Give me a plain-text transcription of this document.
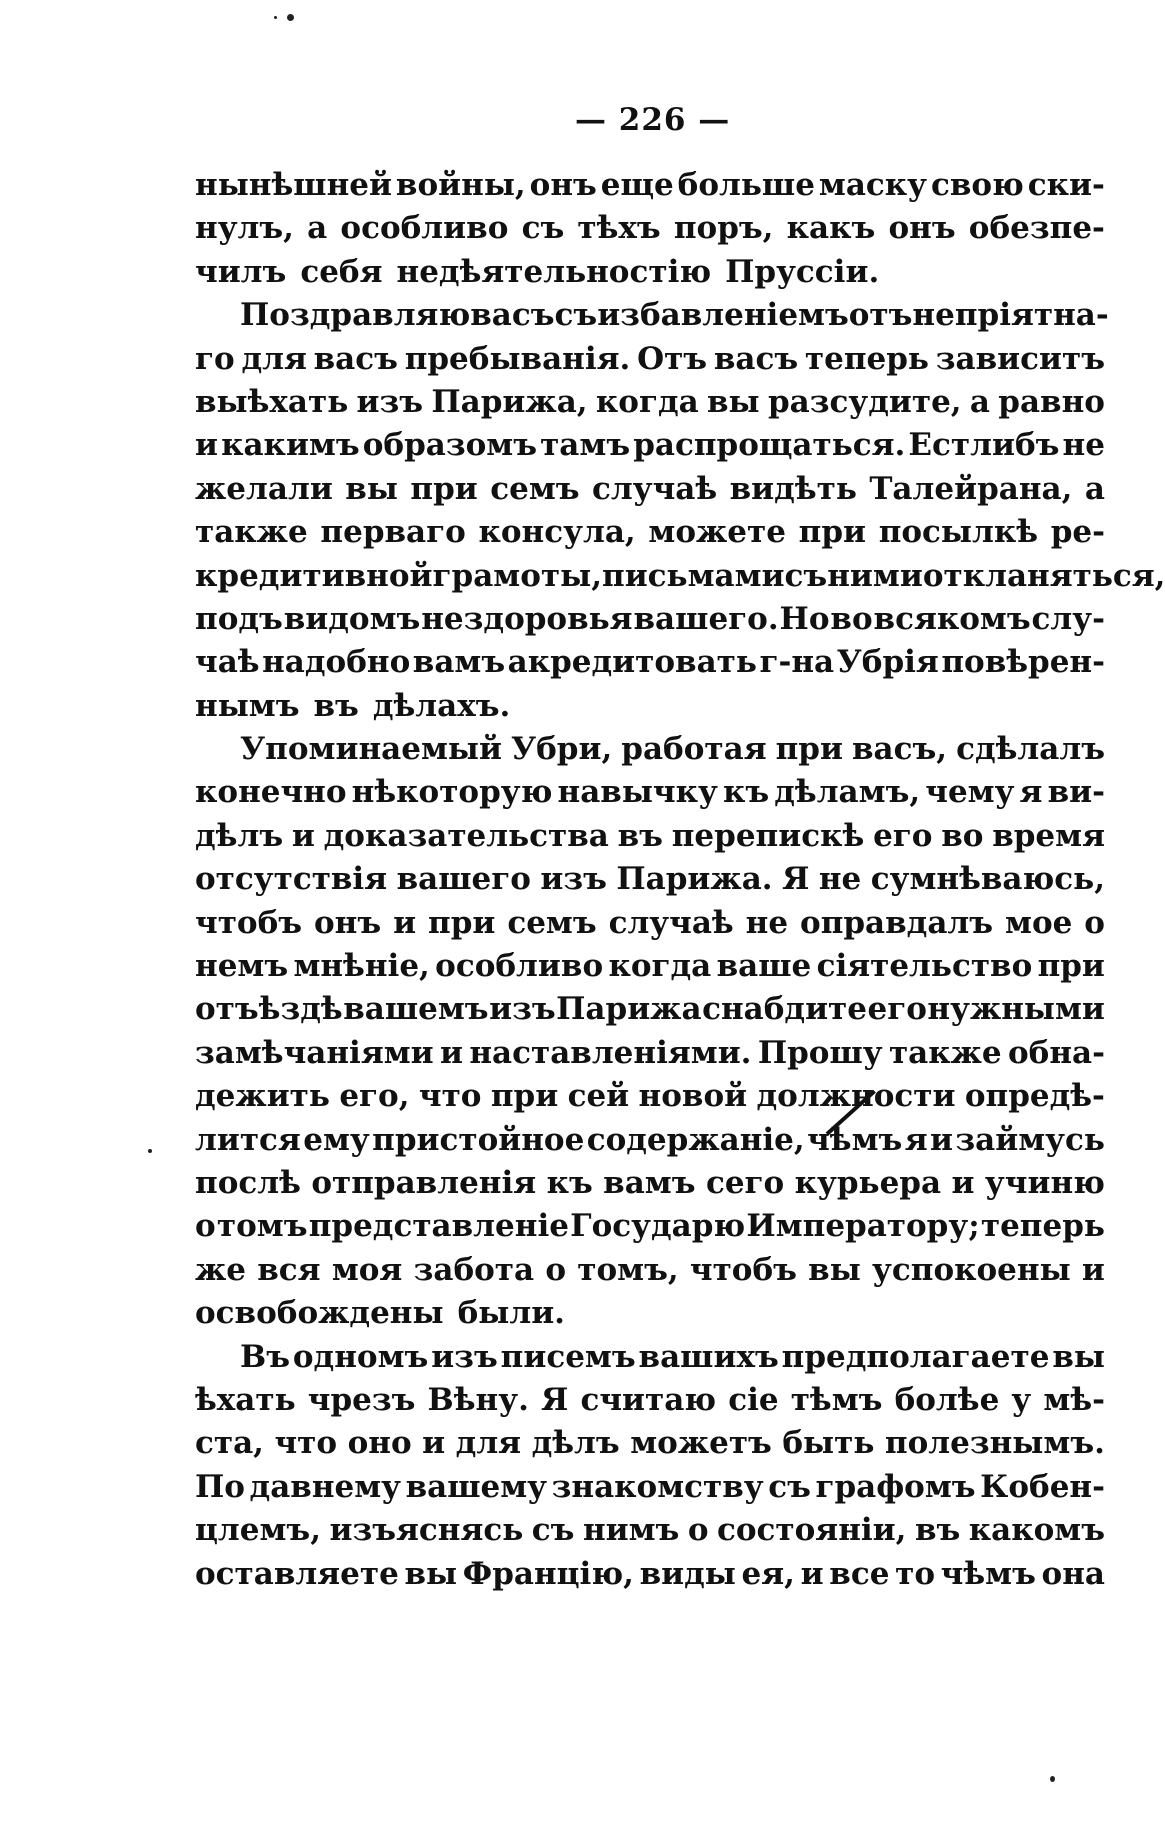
— 226 —
нынѣшней войны, онъ еще больше маску свою ски-
нулъ, а особливо съ тѣхъ поръ, какъ онъ обезпе-
чилъ себя недѣятельностію Пруссіи.
Поздравляю васъ съ избавленіемъ отъ непріятна-
го для васъ пребыванія. Отъ васъ теперь зависитъ
выѣхать изъ Парижа, когда вы разсудите, а равно
и какимъ образомъ тамъ распрощаться. Естлибъ не
желали вы при семъ случаѣ видѣть Талейрана, а
также перваго консула, можете при посылкѣ ре-
кредитивной грамоты, письмами съ ними откланяться,
подъ видомъ нездоровья вашего. Но во всякомъ слу-
чаѣ надобно вамъ акредитовать г-на Убрія повѣрен-
нымъ въ дѣлахъ.
Упоминаемый Убри, работая при васъ, сдѣлалъ
конечно нѣкоторую навычку къ дѣламъ, чему я ви-
дѣлъ и доказательства въ перепискѣ его во время
отсутствія вашего изъ Парижа. Я не сумнѣваюсь,
чтобъ онъ и при семъ случаѣ не оправдалъ мое о
немъ мнѣніе, особливо когда ваше сіятельство при
отъѣздѣ вашемъ изъ Парижа снабдите его нужными
замѣчаніями и наставленіями. Прошу также обна-
дежить его, что при сей новой должности опредѣ-
лится ему пристойное содержаніе, чѣмъ я и займусь
послѣ отправленія къ вамъ сего курьера и учиню
о томъ представленіе Государю Императору; теперь
же вся моя забота о томъ, чтобъ вы успокоены и
освобождены были.
Въ одномъ изъ писемъ вашихъ предполагаете вы
ѣхать чрезъ Вѣну. Я считаю сіе тѣмъ болѣе у мѣ-
ста, что оно и для дѣлъ можетъ быть полезнымъ.
По давнему вашему знакомству съ графомъ Кобен-
цлемъ, изъяснясь съ нимъ о состояніи, въ какомъ
оставляете вы Францію, виды ея, и все то чѣмъ она
